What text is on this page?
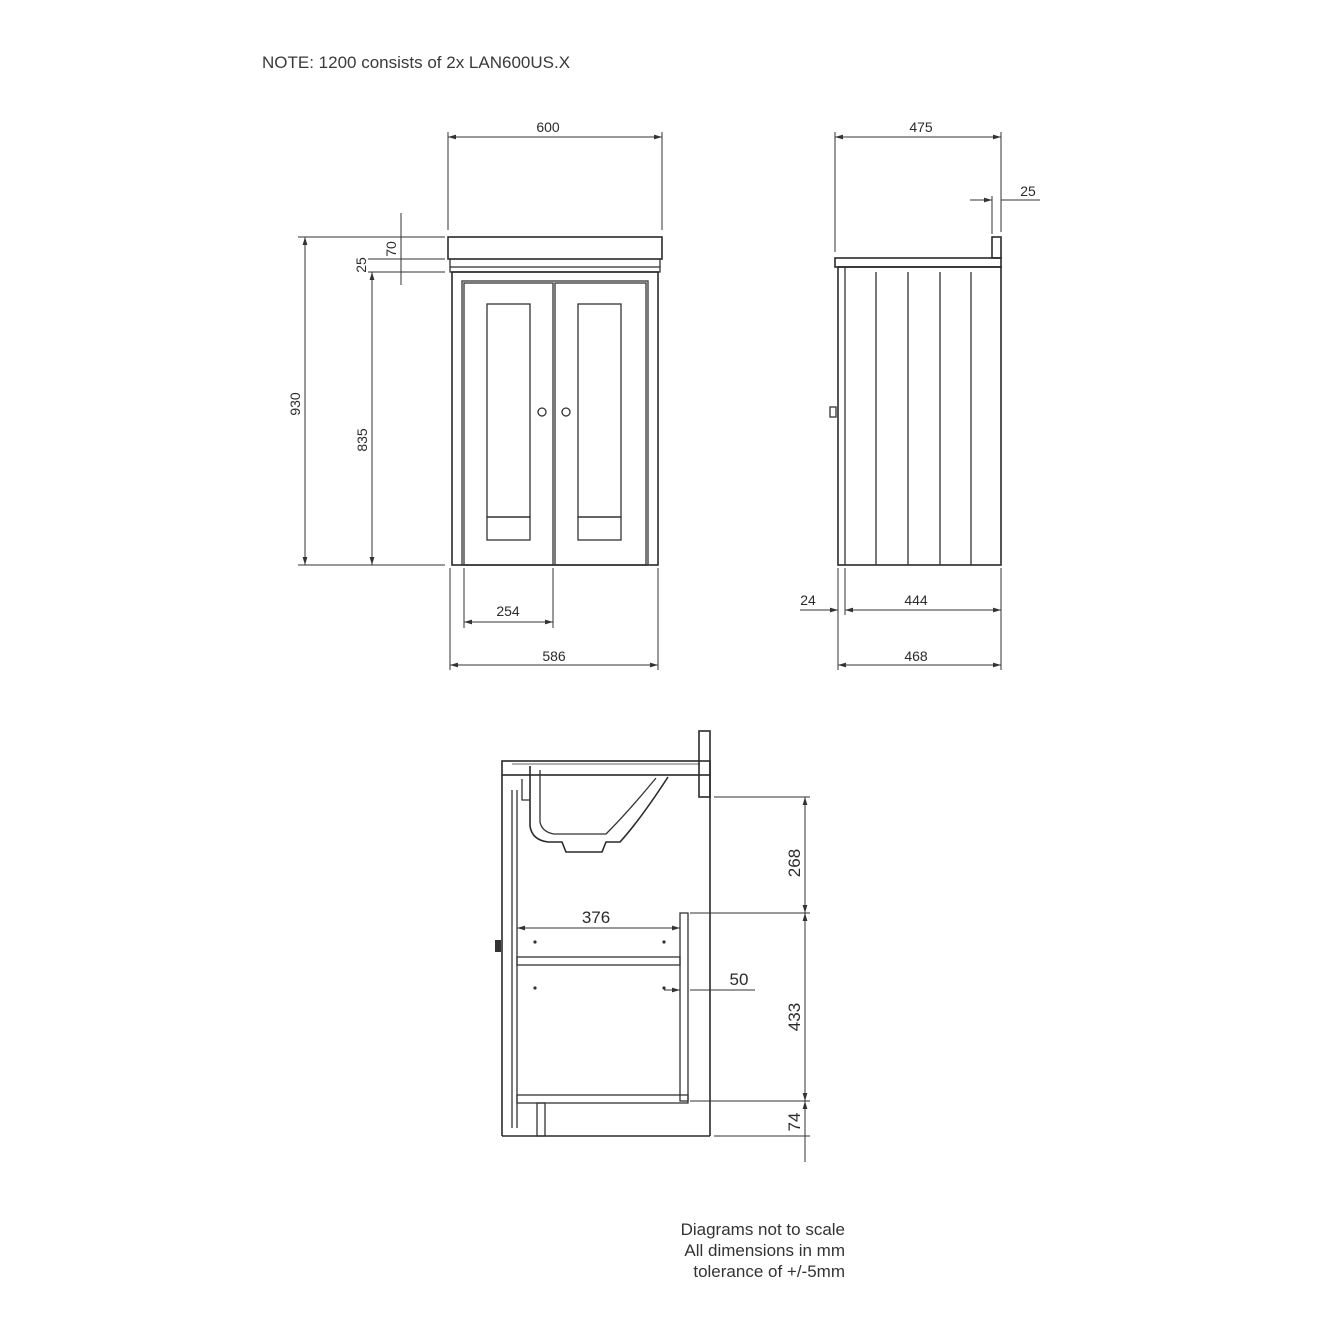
NOTE: 1200 consists of 2x LAN600US.X
600
70
25
930
835
254
586
475
25
24	444
468
376
50
268
433
74
Diagrams not to scale
All dimensions in mm
tolerance of +/-5mm
